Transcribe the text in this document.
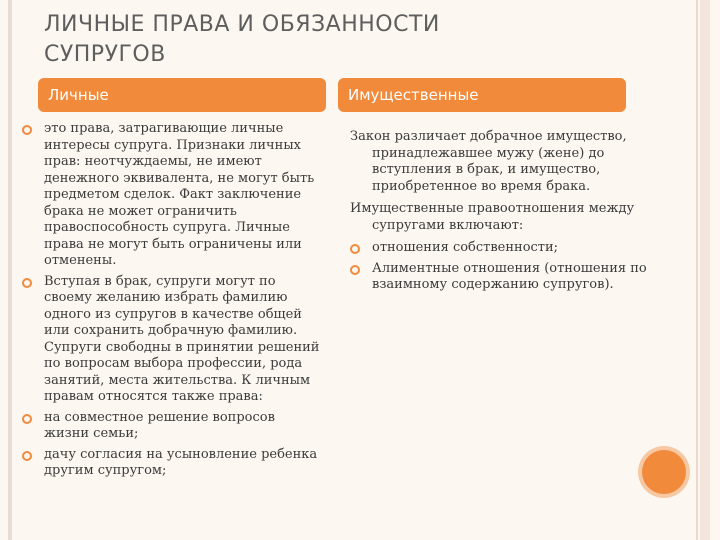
ЛИЧНЫЕ ПРАВА И ОБЯЗАННОСТИ
СУПРУГОВ
Личные	Имущественные
это права, затрагивающие личные интересы супруга. Признаки личных прав: неотчуждаемы, не имеют денежного эквивалента, не могут быть предметом сделок. Факт заключение брака не может ограничить правоспособность супруга. Личные права не могут быть ограничены или отменены.
Вступая в брак, супруги могут по своему желанию избрать фамилию одного из супругов в качестве общей или сохранить добрачную фамилию. Супруги свободны в принятии решений по вопросам выбора профессии, рода занятий, места жительства. К личным правам относятся также права:
на совместное решение вопросов жизни семьи;
дачу согласия на усыновление ребенка другим супругом;
Закон различает добрачное имущество, принадлежавшее мужу (жене) до вступления в брак, и имущество, приобретенное во время брака.
Имущественные правоотношения между супругами включают:
отношения собственности;
Алиментные отношения (отношения по взаимному содержанию супругов).
